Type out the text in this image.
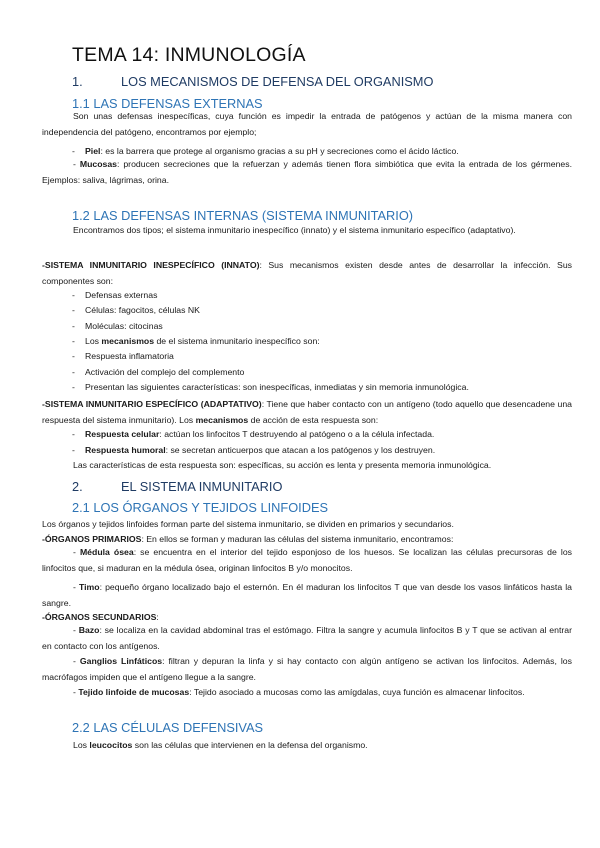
TEMA 14: INMUNOLOGÍA
1.	LOS MECANISMOS DE DEFENSA DEL ORGANISMO
1.1 LAS DEFENSAS EXTERNAS
Son unas defensas inespecíficas, cuya función es impedir la entrada de patógenos y actúan de la misma manera con independencia del patógeno, encontramos por ejemplo;
- Piel: es la barrera que protege al organismo gracias a su pH y secreciones como el ácido láctico.
- Mucosas: producen secreciones que la refuerzan y además tienen flora simbiótica que evita la entrada de los gérmenes. Ejemplos: saliva, lágrimas, orina.
1.2 LAS DEFENSAS INTERNAS (SISTEMA INMUNITARIO)
Encontramos dos tipos; el sistema inmunitario inespecífico (innato) y el sistema inmunitario específico (adaptativo).
-SISTEMA INMUNITARIO INESPECÍFICO (INNATO): Sus mecanismos existen desde antes de desarrollar la infección. Sus componentes son:
- Defensas externas
- Células: fagocitos, células NK
- Moléculas: citocinas
- Los mecanismos de el sistema inmunitario inespecífico son:
- Respuesta inflamatoria
- Activación del complejo del complemento
- Presentan las siguientes características: son inespecíficas, inmediatas y sin memoria inmunológica.
-SISTEMA INMUNITARIO ESPECÍFICO (ADAPTATIVO): Tiene que haber contacto con un antígeno (todo aquello que desencadene una respuesta del sistema inmunitario). Los mecanismos de acción de esta respuesta son:
- Respuesta celular: actúan los linfocitos T destruyendo al patógeno o a la célula infectada.
- Respuesta humoral: se secretan anticuerpos que atacan a los patógenos y los destruyen.
Las características de esta respuesta son: específicas, su acción es lenta y presenta memoria inmunológica.
2.	EL SISTEMA INMUNITARIO
2.1 LOS ÓRGANOS Y TEJIDOS LINFOIDES
Los órganos y tejidos linfoides forman parte del sistema inmunitario, se dividen en primarios y secundarios.
-ÓRGANOS PRIMARIOS: En ellos se forman y maduran las células del sistema inmunitario, encontramos:
- Médula ósea: se encuentra en el interior del tejido esponjoso de los huesos. Se localizan las células precursoras de los linfocitos que, si maduran en la médula ósea, originan linfocitos B y/o monocitos.
- Timo: pequeño órgano localizado bajo el esternón. En él maduran los linfocitos T que van desde los vasos linfáticos hasta la sangre.
-ÓRGANOS SECUNDARIOS:
- Bazo: se localiza en la cavidad abdominal tras el estómago. Filtra la sangre y acumula linfocitos B y T que se activan al entrar en contacto con los antígenos.
- Ganglios Linfáticos: filtran y depuran la linfa y si hay contacto con algún antígeno se activan los linfocitos. Además, los macrófagos impiden que el antígeno llegue a la sangre.
- Tejido linfoide de mucosas: Tejido asociado a mucosas como las amígdalas, cuya función es almacenar linfocitos.
2.2 LAS CÉLULAS DEFENSIVAS
Los leucocitos son las células que intervienen en la defensa del organismo.
